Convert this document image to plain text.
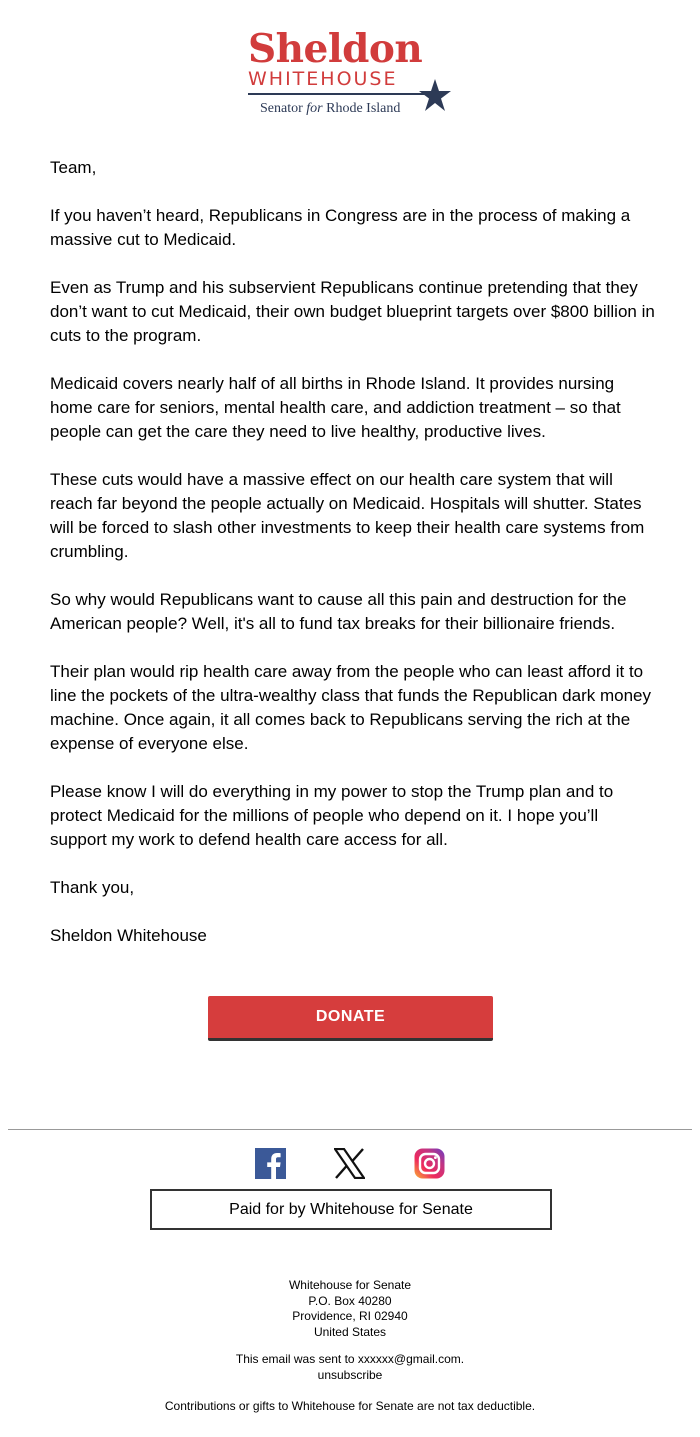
Sheldon
WHITEHOUSE
Senator for Rhode Island

Team,

If you haven’t heard, Republicans in Congress are in the process of making a massive cut to Medicaid.

Even as Trump and his subservient Republicans continue pretending that they don’t want to cut Medicaid, their own budget blueprint targets over $800 billion in cuts to the program.

Medicaid covers nearly half of all births in Rhode Island. It provides nursing home care for seniors, mental health care, and addiction treatment – so that people can get the care they need to live healthy, productive lives.

These cuts would have a massive effect on our health care system that will reach far beyond the people actually on Medicaid. Hospitals will shutter. States will be forced to slash other investments to keep their health care systems from crumbling.

So why would Republicans want to cause all this pain and destruction for the American people? Well, it's all to fund tax breaks for their billionaire friends.

Their plan would rip health care away from the people who can least afford it to line the pockets of the ultra-wealthy class that funds the Republican dark money machine. Once again, it all comes back to Republicans serving the rich at the expense of everyone else.

Please know I will do everything in my power to stop the Trump plan and to protect Medicaid for the millions of people who depend on it. I hope you’ll support my work to defend health care access for all.

Thank you,

Sheldon Whitehouse

DONATE
Paid for by Whitehouse for Senate
Whitehouse for Senate
P.O. Box 40280
Providence, RI 02940
United States
This email was sent to xxxxxx@gmail.com.
unsubscribe
Contributions or gifts to Whitehouse for Senate are not tax deductible.
